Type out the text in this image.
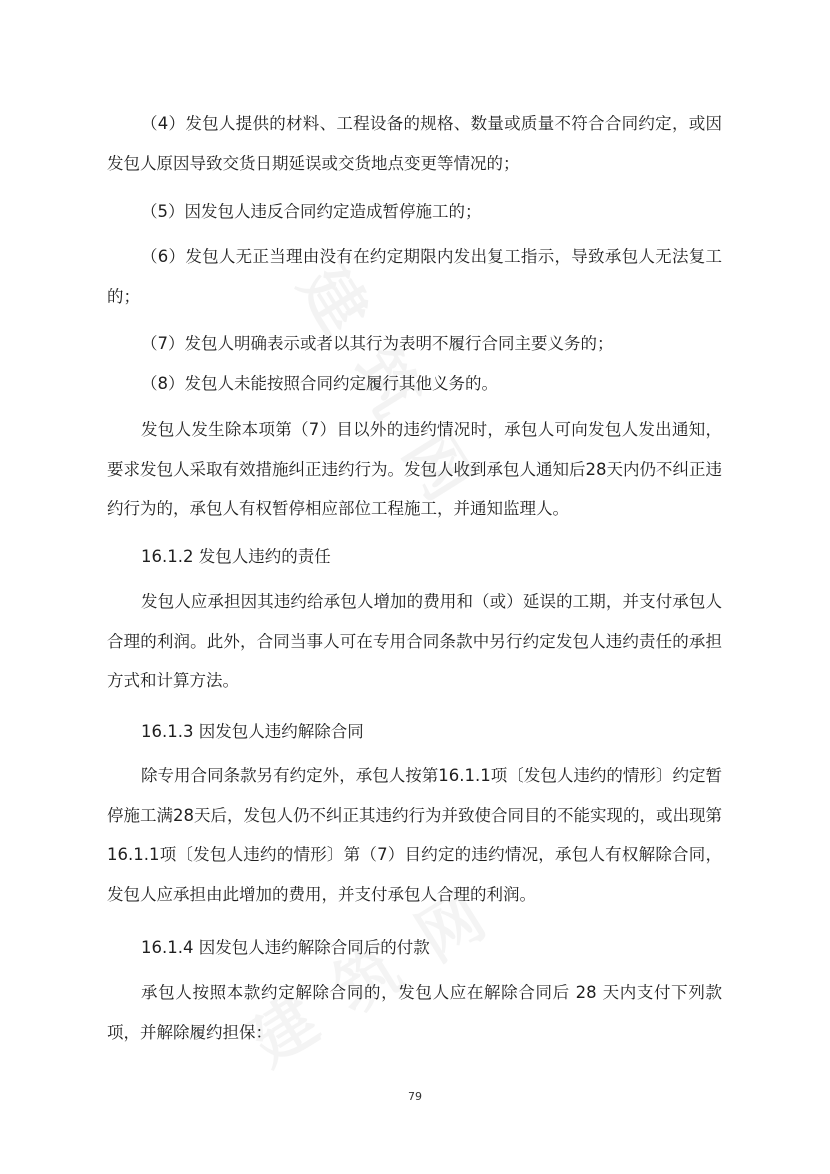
（4）发包人提供的材料、工程设备的规格、数量或质量不符合合同约定，或因发包人原因导致交货日期延误或交货地点变更等情况的；

（5）因发包人违反合同约定造成暂停施工的；

（6）发包人无正当理由没有在约定期限内发出复工指示，导致承包人无法复工的；

（7）发包人明确表示或者以其行为表明不履行合同主要义务的；

（8）发包人未能按照合同约定履行其他义务的。

发包人发生除本项第（7）目以外的违约情况时，承包人可向发包人发出通知，要求发包人采取有效措施纠正违约行为。发包人收到承包人通知后28天内仍不纠正违约行为的，承包人有权暂停相应部位工程施工，并通知监理人。

16.1.2 发包人违约的责任

发包人应承担因其违约给承包人增加的费用和（或）延误的工期，并支付承包人合理的利润。此外，合同当事人可在专用合同条款中另行约定发包人违约责任的承担方式和计算方法。

16.1.3 因发包人违约解除合同

除专用合同条款另有约定外，承包人按第16.1.1项〔发包人违约的情形〕约定暂停施工满28天后，发包人仍不纠正其违约行为并致使合同目的不能实现的，或出现第16.1.1项〔发包人违约的情形〕第（7）目约定的违约情况，承包人有权解除合同，发包人应承担由此增加的费用，并支付承包人合理的利润。

16.1.4 因发包人违约解除合同后的付款

承包人按照本款约定解除合同的，发包人应在解除合同后 28 天内支付下列款项，并解除履约担保：

79
